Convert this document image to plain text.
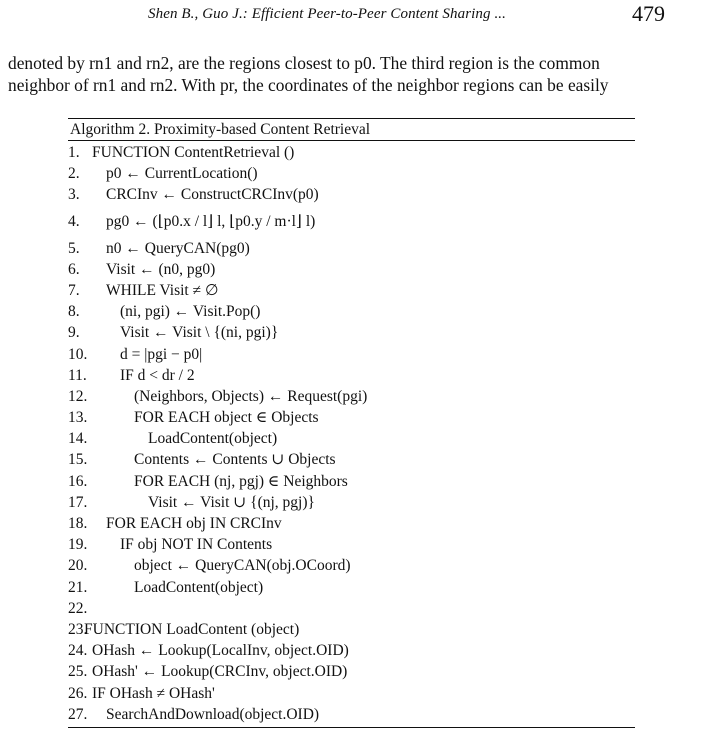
Shen B., Guo J.: Efficient Peer-to-Peer Content Sharing ...	479
denoted by rn1 and rn2, are the regions closest to p0. The third region is the common
neighbor of rn1 and rn2. With pr, the coordinates of the neighbor regions can be easily
Algorithm 2. Proximity-based Content Retrieval
1. FUNCTION ContentRetrieval ()
2. p0 ← CurrentLocation()
3. CRCInv ← ConstructCRCInv(p0)
4. pg0 ← (⌊p0.x / l⌋ l, ⌊p0.y / m·l⌋ l)
5. n0 ← QueryCAN(pg0)
6. Visit ← (n0, pg0)
7. WHILE Visit ≠ ∅
8.	(ni, pgi) ← Visit.Pop()
9.	Visit ← Visit \ {(ni, pgi)}
10. d = |pgi − p0|
11. IF d < dr / 2
12.	(Neighbors, Objects) ← Request(pgi)
13.	FOR EACH object ∈ Objects
14.	LoadContent(object)
15.	Contents ← Contents ∪ Objects
16.	FOR EACH (nj, pgj) ∈ Neighbors
17.	Visit ← Visit ∪ {(nj, pgj)}
18. FOR EACH obj IN CRCInv
19. IF obj NOT IN Contents
20.	object ← QueryCAN(obj.OCoord)
21.	LoadContent(object)
22.
23.
FUNCTION LoadContent (object)
24. OHash ← Lookup(LocalInv, object.OID)
25. OHash' ← Lookup(CRCInv, object.OID)
26. IF OHash ≠ OHash'
27. SearchAndDownload(object.OID)
